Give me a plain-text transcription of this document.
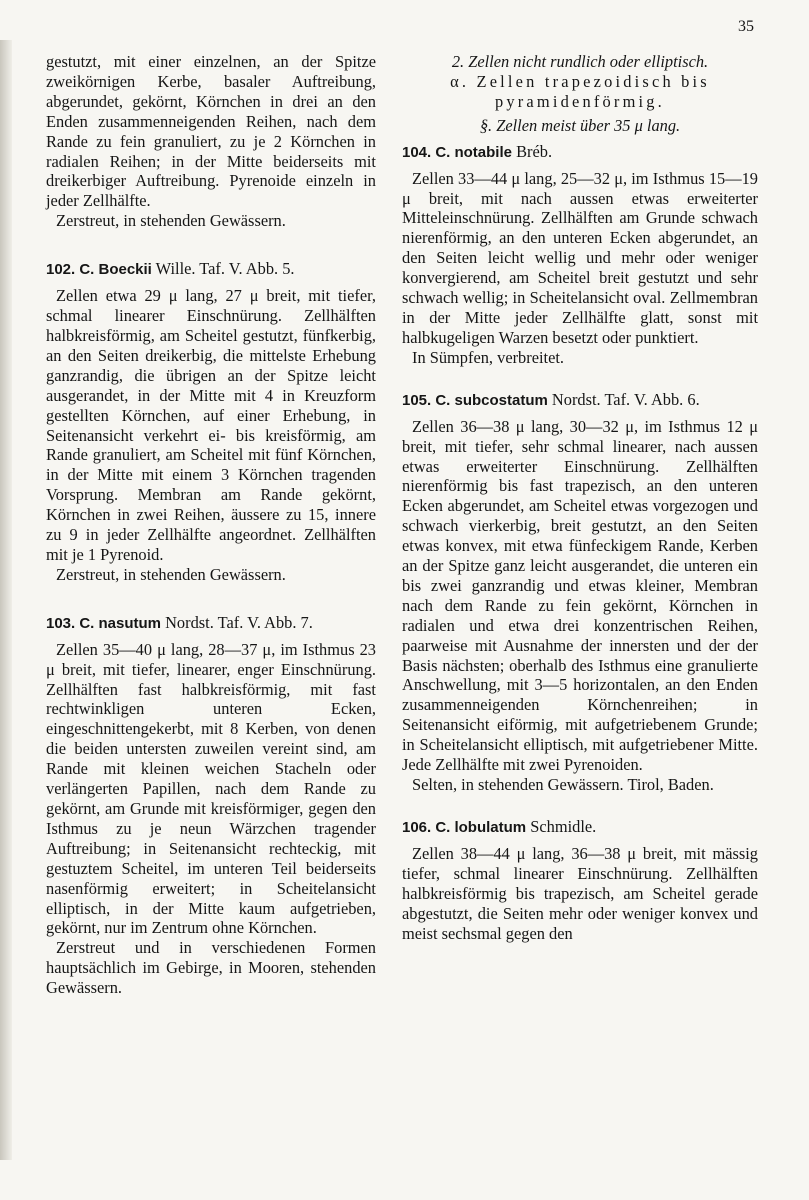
35

gestutzt, mit einer einzelnen, an der Spitze zweikörnigen Kerbe, basaler Auftreibung, abgerundet, gekörnt, Körnchen in drei an den Enden zusammenneigenden Reihen, nach dem Rande zu fein granuliert, zu je 2 Körnchen in radialen Reihen; in der Mitte beiderseits mit dreikerbiger Auftreibung. Pyrenoide einzeln in jeder Zellhälfte.

Zerstreut, in stehenden Gewässern.

102. C. Boeckii Wille. Taf. V. Abb. 5.

Zellen etwa 29 μ lang, 27 μ breit, mit tiefer, schmal linearer Einschnürung. Zellhälften halbkreisförmig, am Scheitel gestutzt, fünfkerbig, an den Seiten dreikerbig, die mittelste Erhebung ganzrandig, die übrigen an der Spitze leicht ausgerandet, in der Mitte mit 4 in Kreuzform gestellten Körnchen, auf einer Erhebung, in Seitenansicht verkehrt ei- bis kreisförmig, am Rande granuliert, am Scheitel mit fünf Körnchen, in der Mitte mit einem 3 Körnchen tragenden Vorsprung. Membran am Rande gekörnt, Körnchen in zwei Reihen, äussere zu 15, innere zu 9 in jeder Zellhälfte angeordnet. Zellhälften mit je 1 Pyrenoid.

Zerstreut, in stehenden Gewässern.

103. C. nasutum Nordst. Taf. V. Abb. 7.

Zellen 35—40 μ lang, 28—37 μ, im Isthmus 23 μ breit, mit tiefer, linearer, enger Einschnürung. Zellhälften fast halbkreisförmig, mit fast rechtwinkligen unteren Ecken, eingeschnittengekerbt, mit 8 Kerben, von denen die beiden untersten zuweilen vereint sind, am Rande mit kleinen weichen Stacheln oder verlängerten Papillen, nach dem Rande zu gekörnt, am Grunde mit kreisförmiger, gegen den Isthmus zu je neun Wärzchen tragender Auftreibung; in Seitenansicht rechteckig, mit gestuztem Scheitel, im unteren Teil beiderseits nasenförmig erweitert; in Scheitelansicht elliptisch, in der Mitte kaum aufgetrieben, gekörnt, nur im Zentrum ohne Körnchen.

Zerstreut und in verschiedenen Formen hauptsächlich im Gebirge, in Mooren, stehenden Gewässern.

2. Zellen nicht rundlich oder elliptisch.

α. Zellen trapezoidisch bis pyramidenförmig.

§. Zellen meist über 35 μ lang.

104. C. notabile Bréb.

Zellen 33—44 μ lang, 25—32 μ, im Isthmus 15—19 μ breit, mit nach aussen etwas erweiterter Mitteleinschnürung. Zellhälften am Grunde schwach nierenförmig, an den unteren Ecken abgerundet, an den Seiten leicht wellig und mehr oder weniger konvergierend, am Scheitel breit gestutzt und sehr schwach wellig; in Scheitelansicht oval. Zellmembran in der Mitte jeder Zellhälfte glatt, sonst mit halbkugeligen Warzen besetzt oder punktiert.

In Sümpfen, verbreitet.

105. C. subcostatum Nordst. Taf. V. Abb. 6.

Zellen 36—38 μ lang, 30—32 μ, im Isthmus 12 μ breit, mit tiefer, sehr schmal linearer, nach aussen etwas erweiterter Einschnürung. Zellhälften nierenförmig bis fast trapezisch, an den unteren Ecken abgerundet, am Scheitel etwas vorgezogen und schwach vierkerbig, breit gestutzt, an den Seiten etwas konvex, mit etwa fünfeckigem Rande, Kerben an der Spitze ganz leicht ausgerandet, die unteren ein bis zwei ganzrandig und etwas kleiner, Membran nach dem Rande zu fein gekörnt, Körnchen in radialen und etwa drei konzentrischen Reihen, paarweise mit Ausnahme der innersten und der der Basis nächsten; oberhalb des Isthmus eine granulierte Anschwellung, mit 3—5 horizontalen, an den Enden zusammenneigenden Körnchenreihen; in Seitenansicht eiförmig, mit aufgetriebenem Grunde; in Scheitelansicht elliptisch, mit aufgetriebener Mitte. Jede Zellhälfte mit zwei Pyrenoiden.

Selten, in stehenden Gewässern. Tirol, Baden.

106. C. lobulatum Schmidle.

Zellen 38—44 μ lang, 36—38 μ breit, mit mässig tiefer, schmal linearer Einschnürung. Zellhälften halbkreisförmig bis trapezisch, am Scheitel gerade abgestutzt, die Seiten mehr oder weniger konvex und meist sechsmal gegen den
